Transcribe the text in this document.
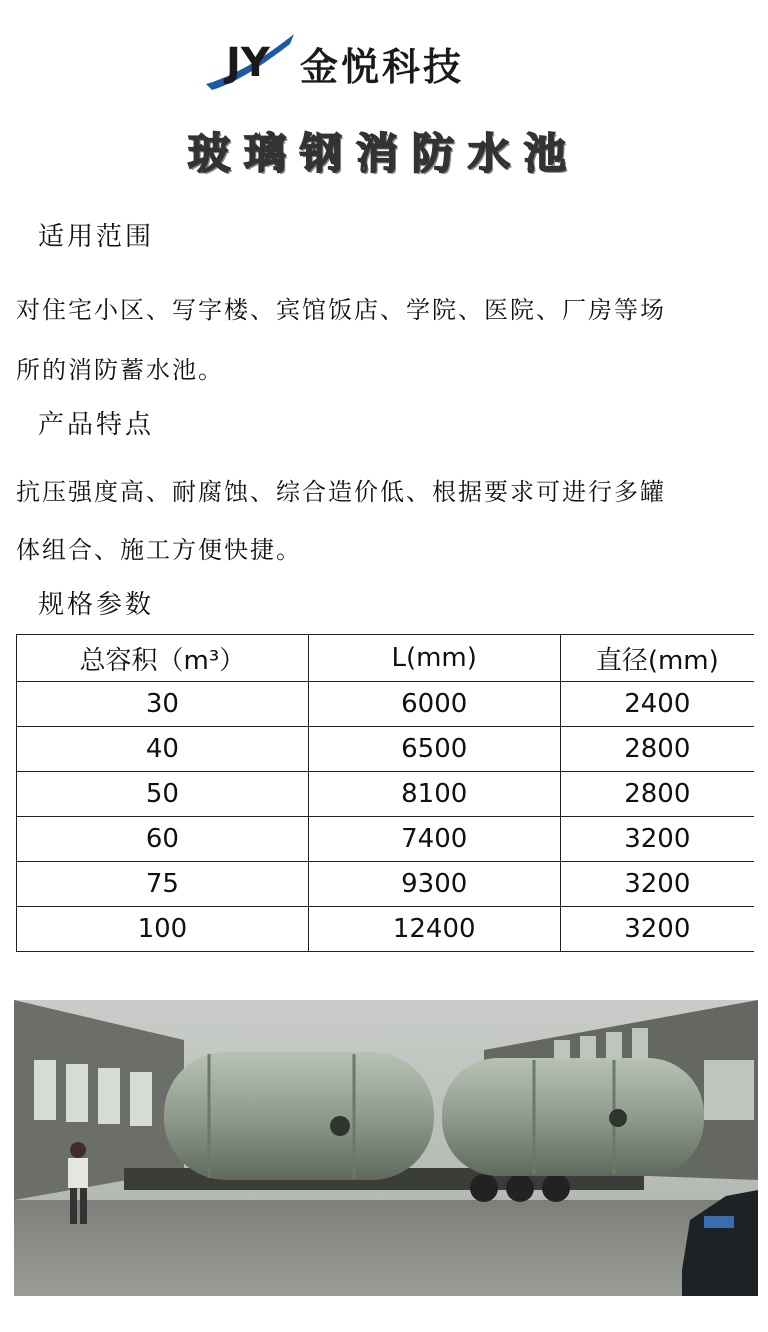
JY 金悦科技
玻璃钢消防水池
适用范围
对住宅小区、写字楼、宾馆饭店、学院、医院、厂房等场
所的消防蓄水池。
产品特点
抗压强度高、耐腐蚀、综合造价低、根据要求可进行多罐
体组合、施工方便快捷。
规格参数
总容积（m³）	L(mm)	直径(mm)
30	6000	2400
40	6500	2800
50	8100	2800
60	7400	3200
75	9300	3200
100	12400	3200
